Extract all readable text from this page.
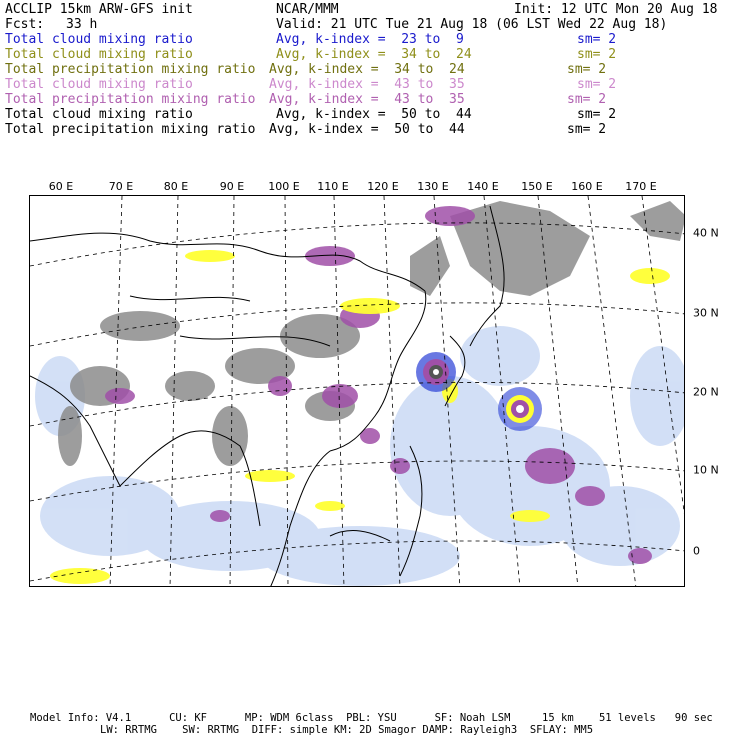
ACCLIP 15km ARW-GFS init	NCAR/MMM	Init: 12 UTC Mon 20 Aug 18
Fcst: 33 h	Valid: 21 UTC Tue 21 Aug 18 (06 LST Wed 22 Aug 18)
Total cloud mixing ratio	Avg, k-index =  23 to  9	sm= 2
Total cloud mixing ratio	Avg, k-index =  34 to  24	sm= 2
Total precipitation mixing ratio Avg, k-index =  34 to  24	sm= 2
Total cloud mixing ratio	Avg, k-index =  43 to  35	sm= 2
Total precipitation mixing ratio Avg, k-index =  43 to  35	sm= 2
Total cloud mixing ratio	Avg, k-index =  50 to  44	sm= 2
Total precipitation mixing ratio Avg, k-index =  50 to  44	sm= 2
60 E	70 E	80 E	90 E 100 E 110 E 120 E 130 E 140 E 150 E 160 E 170 E
40 N
30 N
20 N
10 N
0
Model Info: V4.1      CU: KF      MP: WDM 6class  PBL: YSU      SF: Noah LSM     15 km    51 levels   90 sec
LW: RRTMG    SW: RRTMG  DIFF: simple KM: 2D Smagor DAMP: Rayleigh3  SFLAY: MM5
